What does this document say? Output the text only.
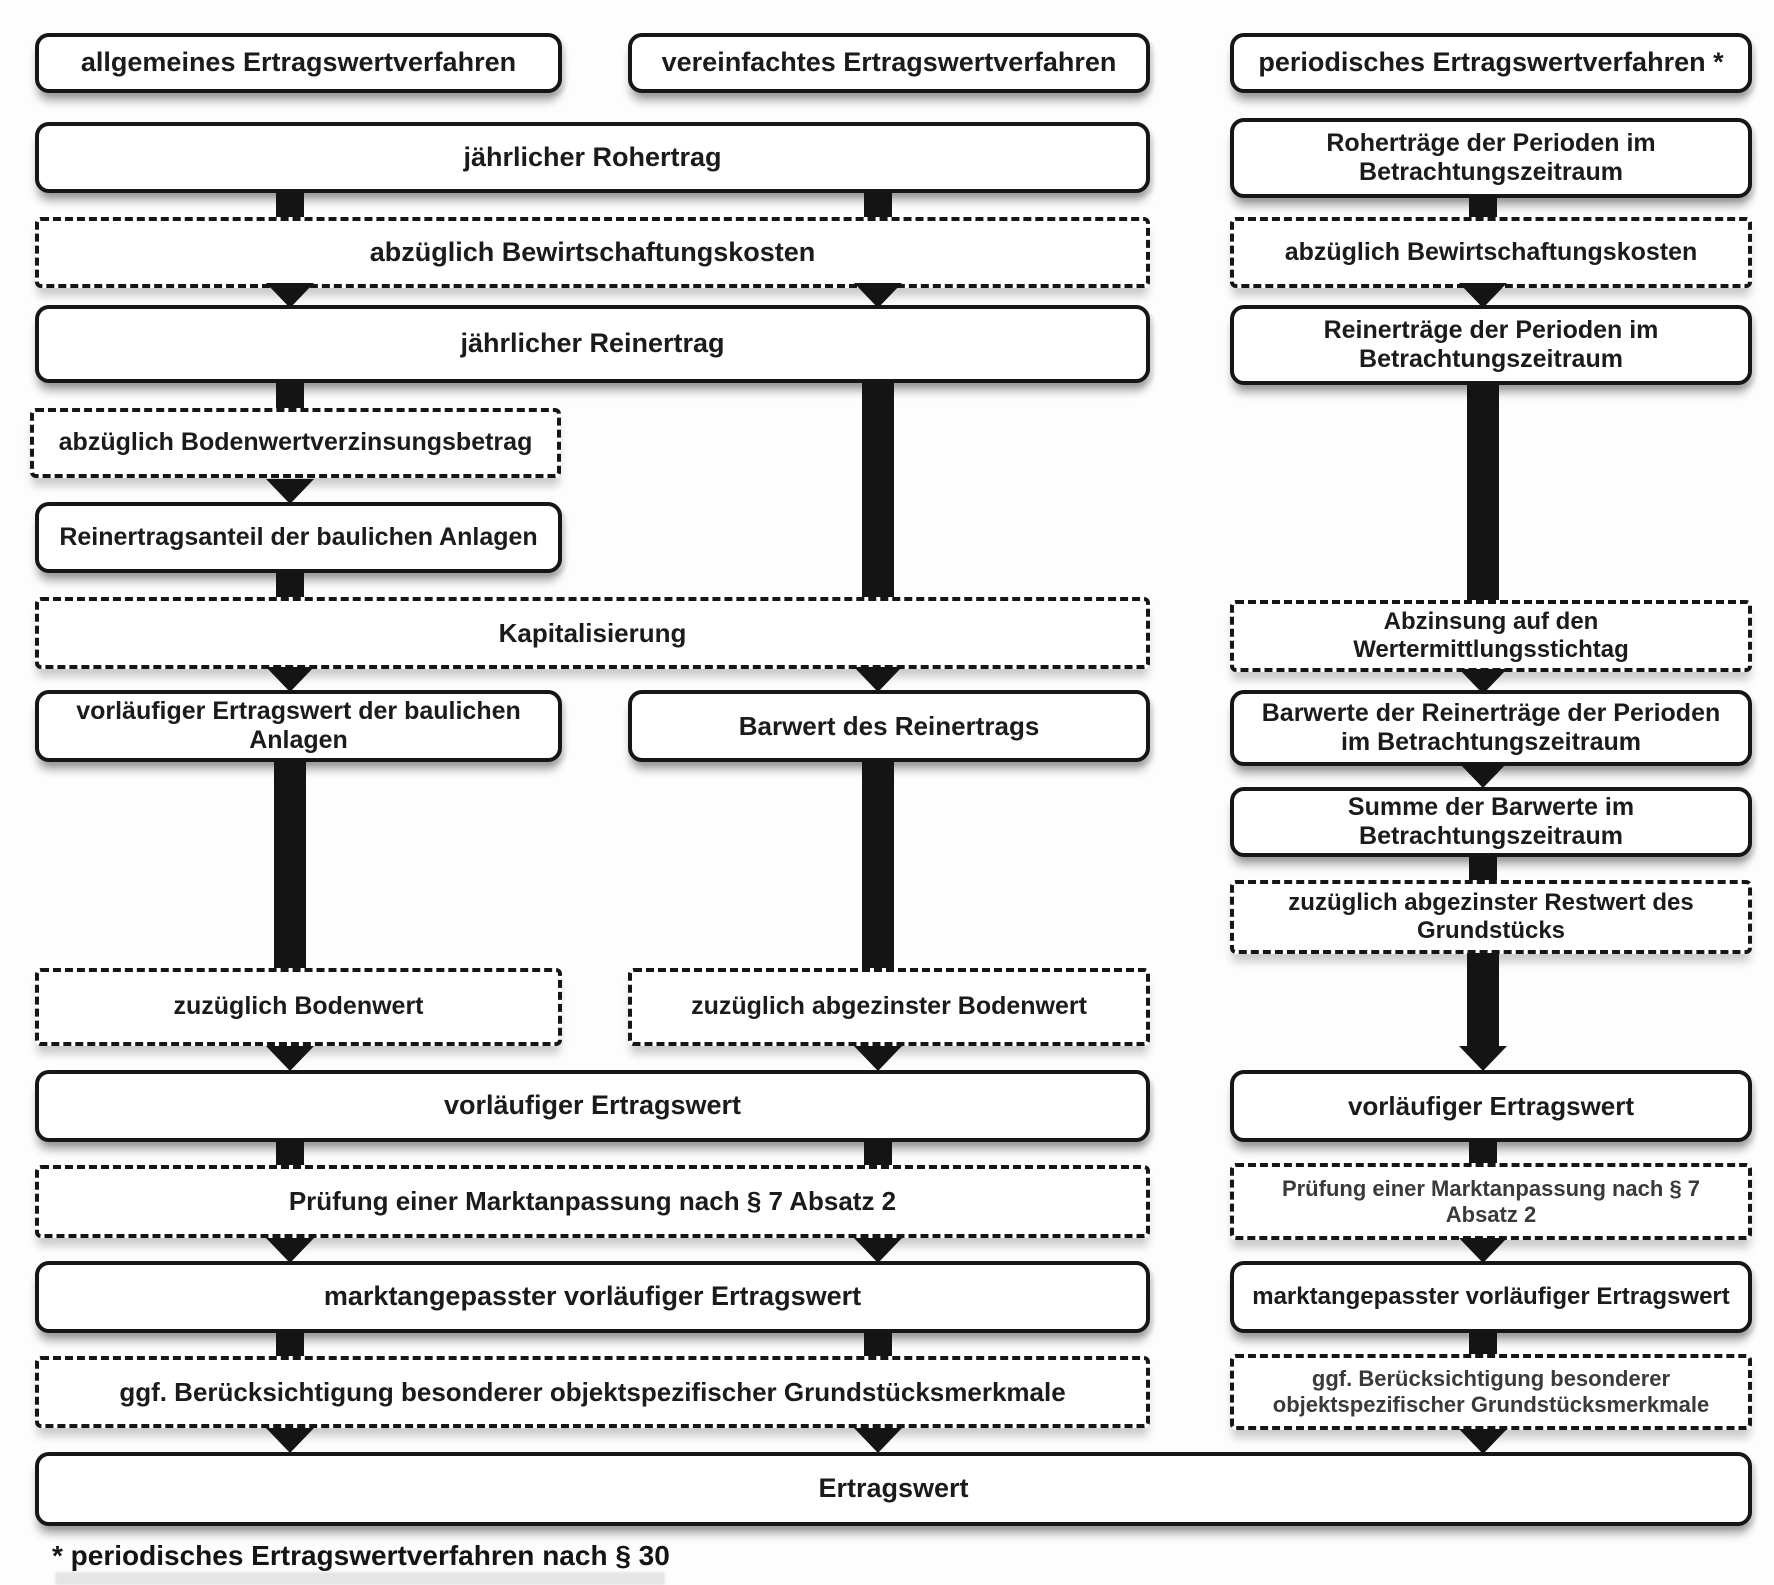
allgemeines Ertragswertverfahren	vereinfachtes Ertragswertverfahren	periodisches Ertragswertverfahren *
jährlicher Rohertrag	Roherträge der Perioden im Betrachtungszeitraum
abzüglich Bewirtschaftungskosten	abzüglich Bewirtschaftungskosten
jährlicher Reinertrag	Reinerträge der Perioden im Betrachtungszeitraum
abzüglich Bodenwertverzinsungsbetrag
Reinertragsanteil der baulichen Anlagen
Kapitalisierung	Abzinsung auf den Wertermittlungsstichtag
vorläufiger Ertragswert der baulichen Anlagen	Barwert des Reinertrags	Barwerte der Reinerträge der Perioden im Betrachtungszeitraum
Summe der Barwerte im Betrachtungszeitraum
zuzüglich abgezinster Restwert des Grundstücks
zuzüglich Bodenwert	zuzüglich abgezinster Bodenwert
vorläufiger Ertragswert	vorläufiger Ertragswert
Prüfung einer Marktanpassung nach § 7 Absatz 2	Prüfung einer Marktanpassung nach § 7 Absatz 2
marktangepasster vorläufiger Ertragswert	marktangepasster vorläufiger Ertragswert
ggf. Berücksichtigung besonderer objektspezifischer Grundstücksmerkmale	ggf. Berücksichtigung besonderer objektspezifischer Grundstücksmerkmale
Ertragswert
* periodisches Ertragswertverfahren nach § 30
